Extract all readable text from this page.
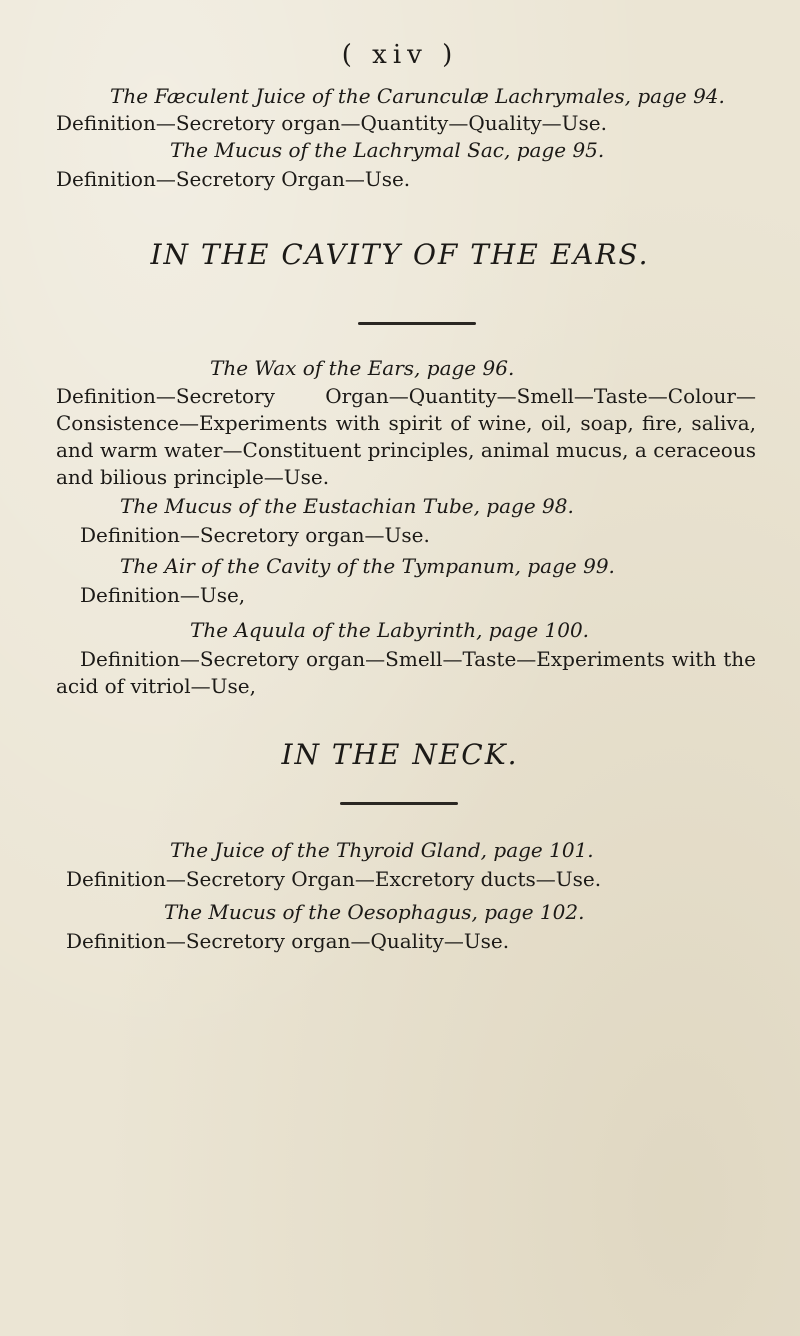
( xiv )
The Fæculent Juice of the Carunculæ Lachrymales, page 94.
Definition—Secretory organ—Quantity—Quality—Use.
The Mucus of the Lachrymal Sac, page 95.
Definition—Secretory Organ—Use.
IN THE CAVITY OF THE EARS.
The Wax of the Ears, page 96.
Definition—Secretory Organ—Quantity—Smell—Taste—Colour—Consistence—Experiments with spirit of wine, oil, soap, fire, saliva, and warm water—Constituent principles, animal mucus, a ceraceous and bilious principle—Use.
The Mucus of the Eustachian Tube, page 98.
Definition—Secretory organ—Use.
The Air of the Cavity of the Tympanum, page 99.
Definition—Use,
The Aquula of the Labyrinth, page 100.
Definition—Secretory organ—Smell—Taste—Experiments with the acid of vitriol—Use,
IN THE NECK.
The Juice of the Thyroid Gland, page 101.
Definition—Secretory Organ—Excretory ducts—Use.
The Mucus of the Oesophagus, page 102.
Definition—Secretory organ—Quality—Use.
